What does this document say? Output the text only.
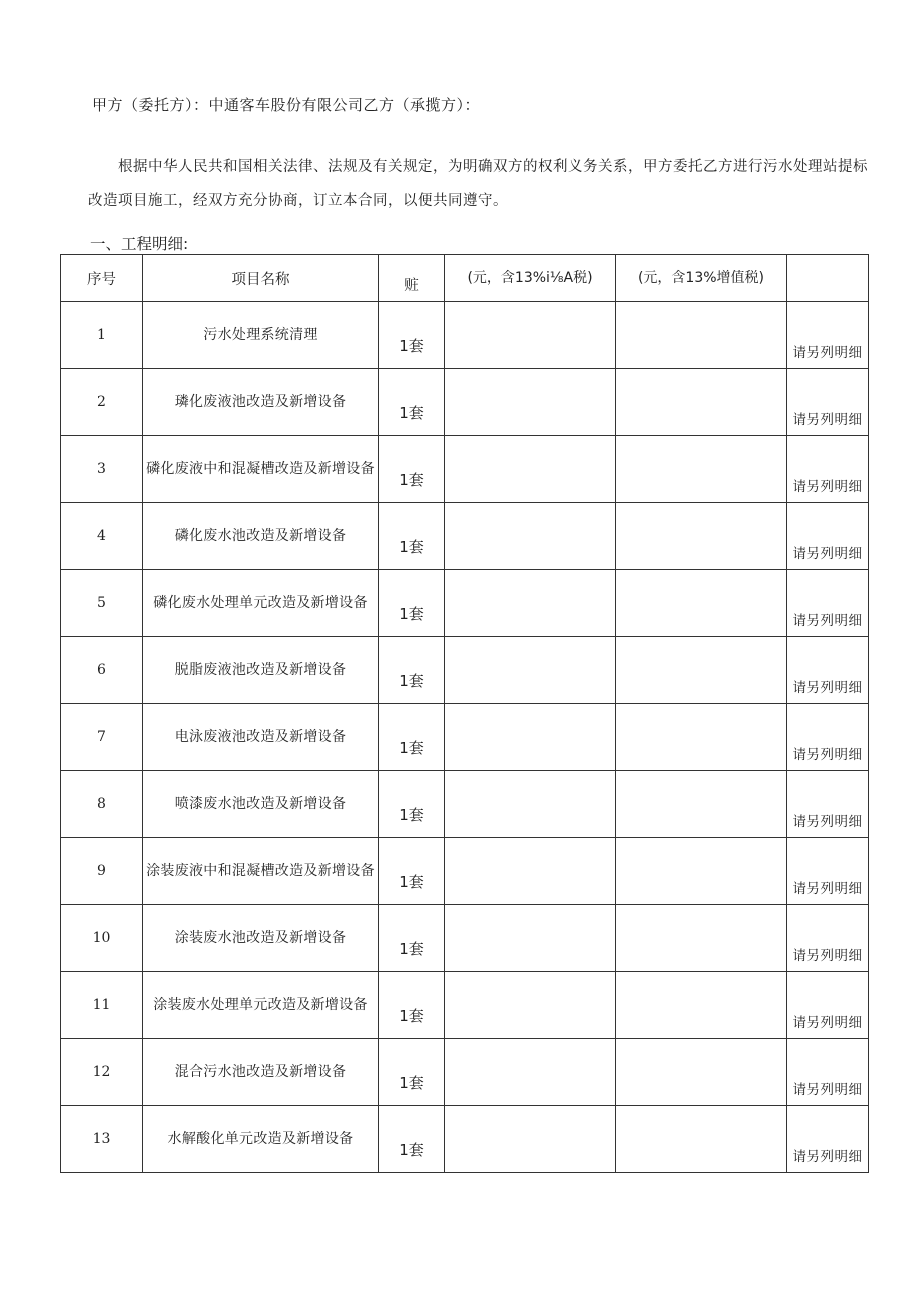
甲方（委托方）：中通客车股份有限公司乙方（承揽方）：
根据中华人民共和国相关法律、法规及有关规定，为明确双方的权利义务关系，甲方委托乙方进行污水处理站提标改造项目施工，经双方充分协商，订立本合同，以便共同遵守。
一、工程明细:
序号	项目名称	赃	(元，含13%i⅛A税)	(元，含13%增值税)	

1	污水处理系统清理	1套			请另列明细

2	璘化废液池改造及新增设备	1套			请另列明细

3	磷化废液中和混凝槽改造及新增设备	1套			请另列明细

4	磷化废水池改造及新增设备	1套			请另列明细

5	磷化废水处理单元改造及新增设备	1套			请另列明细

6	脱脂废液池改造及新增设备	1套			请另列明细

7	电泳废液池改造及新增设备	1套			请另列明细

8	喷漆废水池改造及新增设备	1套			请另列明细

9	涂装废液中和混凝槽改造及新增设备	1套			请另列明细

10	涂装废水池改造及新增设备	1套			请另列明细

11	涂装废水处理单元改造及新增设备	1套			请另列明细

12	混合污水池改造及新增设备	1套			请另列明细

13	水解酸化单元改造及新增设备	1套			请另列明细
